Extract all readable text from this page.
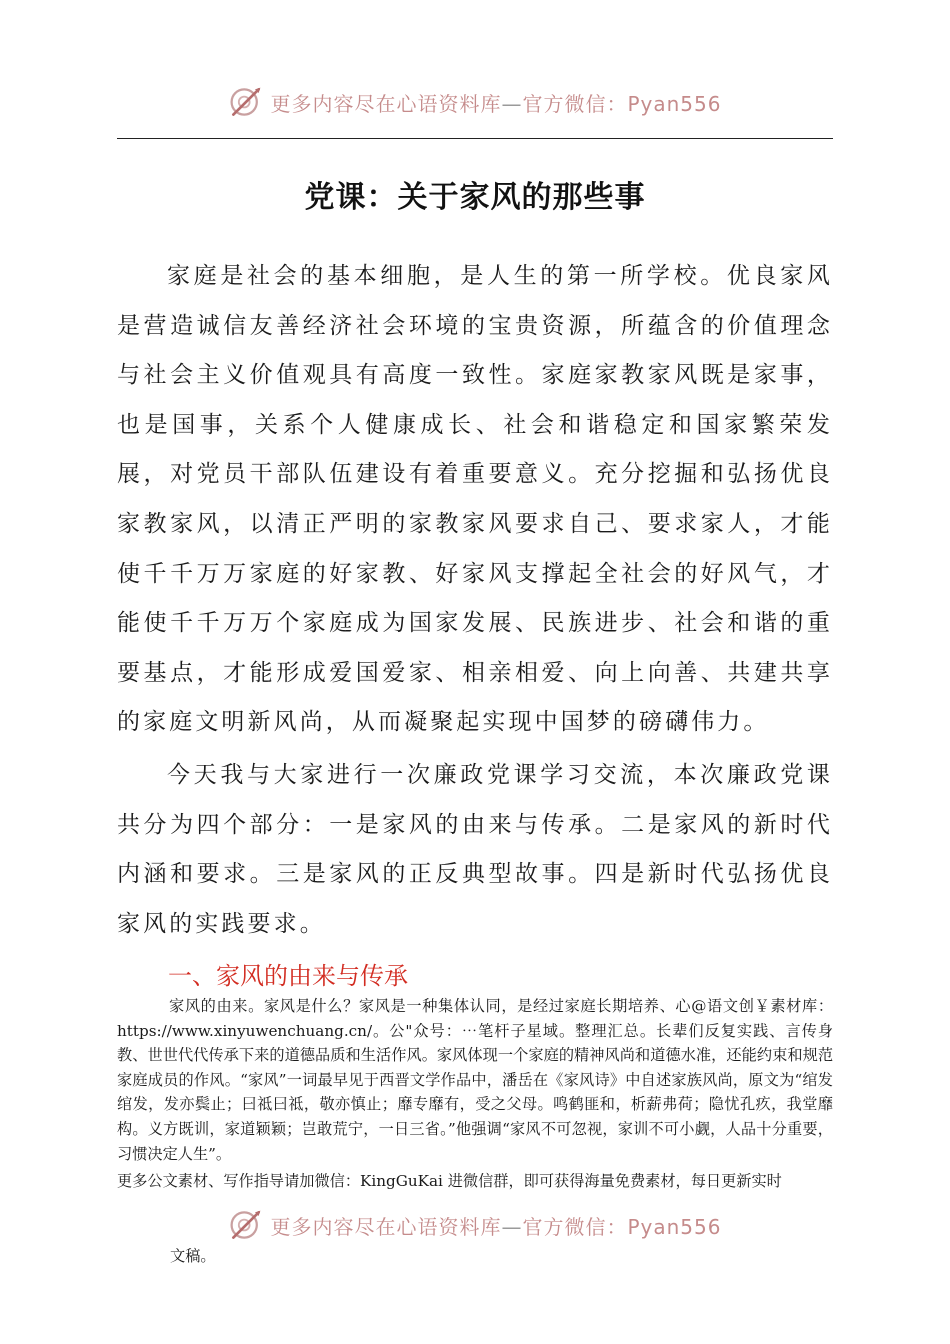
更多内容尽在心语资料库—官方微信：Pyan556
党课：关于家风的那些事

家庭是社会的基本细胞，是人生的第一所学校。优良家风是营造诚信友善经济社会环境的宝贵资源，所蕴含的价值理念与社会主义价值观具有高度一致性。家庭家教家风既是家事，也是国事，关系个人健康成长、社会和谐稳定和国家繁荣发展，对党员干部队伍建设有着重要意义。充分挖掘和弘扬优良家教家风，以清正严明的家教家风要求自己、要求家人，才能使千千万万家庭的好家教、好家风支撑起全社会的好风气，才能使千千万万个家庭成为国家发展、民族进步、社会和谐的重要基点，才能形成爱国爱家、相亲相爱、向上向善、共建共享的家庭文明新风尚，从而凝聚起实现中国梦的磅礴伟力。

今天我与大家进行一次廉政党课学习交流，本次廉政党课共分为四个部分：一是家风的由来与传承。二是家风的新时代内涵和要求。三是家风的正反典型故事。四是新时代弘扬优良家风的实践要求。

一、家风的由来与传承

家风的由来。家风是什么？家风是一种集体认同，是经过家庭长期培养、心@语文创￥素材库：https://www.xinyuwenchuang.cn/。公"众号：⋯笔杆子星域。整理汇总。长辈们反复实践、言传身教、世世代代传承下来的道德品质和生活作风。家风体现一个家庭的精神风尚和道德水准，还能约束和规范家庭成员的作风。“家风”一词最早见于西晋文学作品中，潘岳在《家风诗》中自述家族风尚，原文为“绾发绾发，发亦鬓止；曰祗曰祗，敬亦慎止；靡专靡有，受之父母。鸣鹤匪和，析薪弗荷；隐忧孔疚，我堂靡构。义方既训，家道颖颖；岂敢荒宁，一日三省。”他强调“家风不可忽视，家训不可小觑，人品十分重要，习惯决定人生”。

更多公文素材、写作指导请加微信：KingGuKai 进微信群，即可获得海量免费素材，每日更新实时

更多内容尽在心语资料库—官方微信：Pyan556
文稿。
